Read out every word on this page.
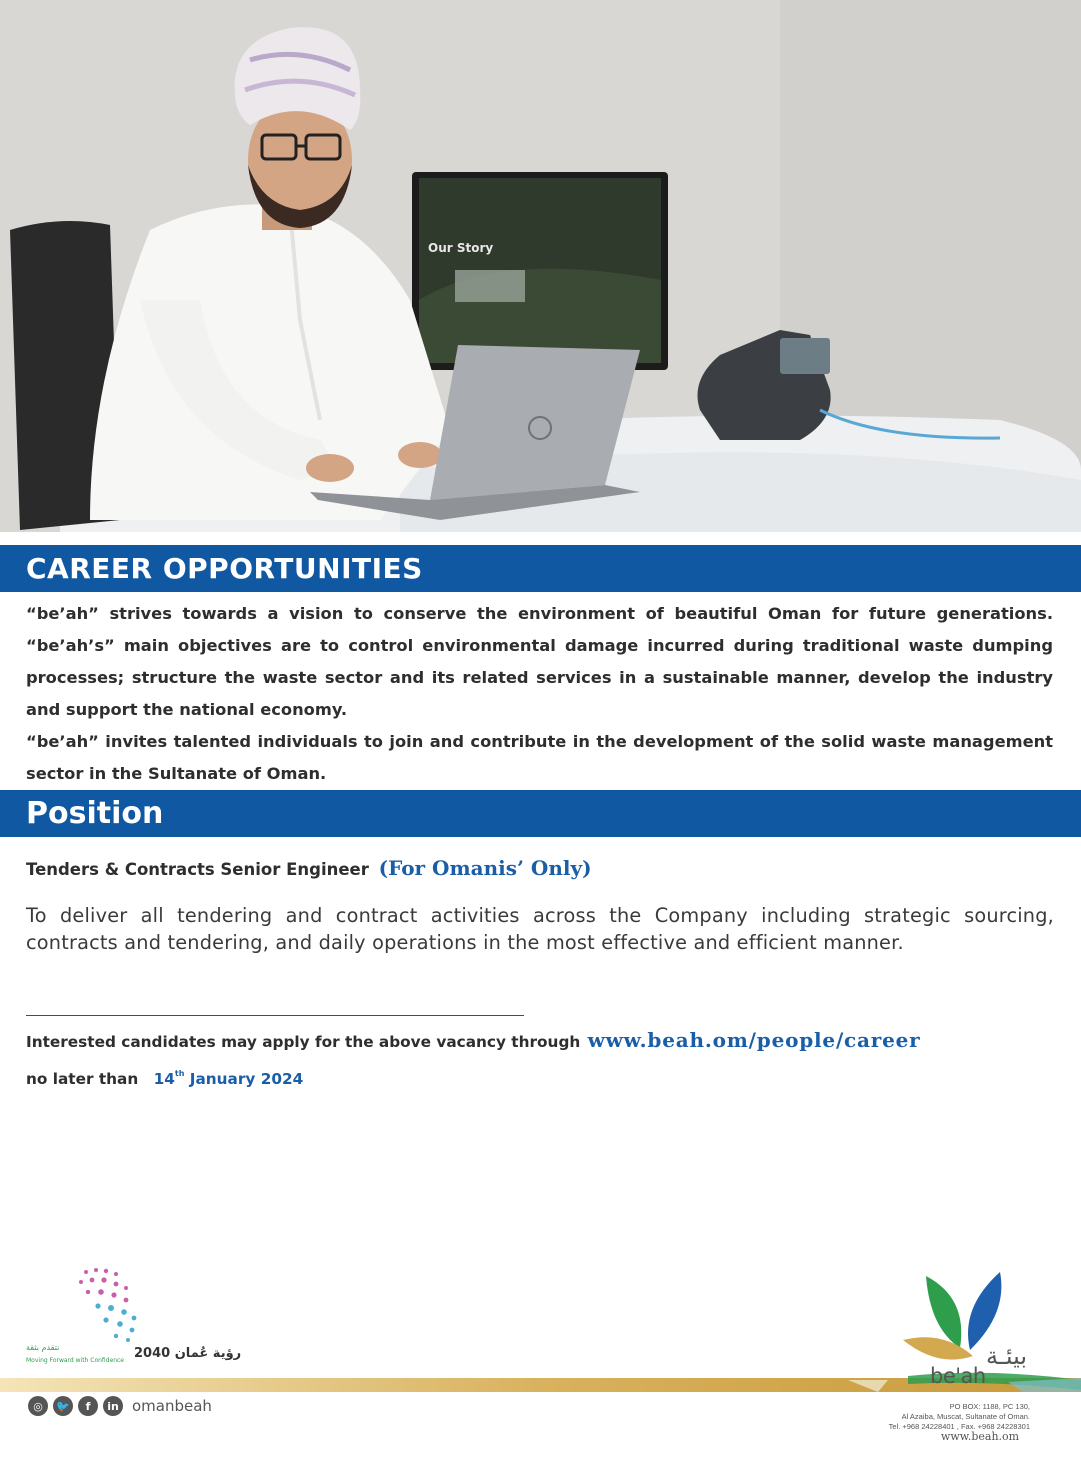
Our Story
CAREER OPPORTUNITIES

“be’ah” strives towards a vision to conserve the environment of beautiful Oman for future generations. “be’ah’s” main objectives are to control environmental damage incurred during traditional waste dumping processes; structure the waste sector and its related services in a sustainable manner, develop the industry and support the national economy.

“be’ah” invites talented individuals to join and contribute in the development of the solid waste management sector in the Sultanate of Oman.

Position
Tenders & Contracts Senior Engineer (For Omanis’ Only)
To deliver all tendering and contract activities across the Company including strategic sourcing, contracts and tendering, and daily operations in the most effective and efficient manner.
Interested candidates may apply for the above vacancy through www.beah.om/people/career
no later than 14th January 2024
رؤية عُمان 2040
نتقدم بثقة
Moving Forward with Confidence
◎	🐦	f	in omanbeah
بيئـة
be'ah
PO BOX: 1188, PC 130,
Al Azaiba, Muscat, Sultanate of Oman.
Tel. +968 24228401 , Fax. +968 24228301
www.beah.om
